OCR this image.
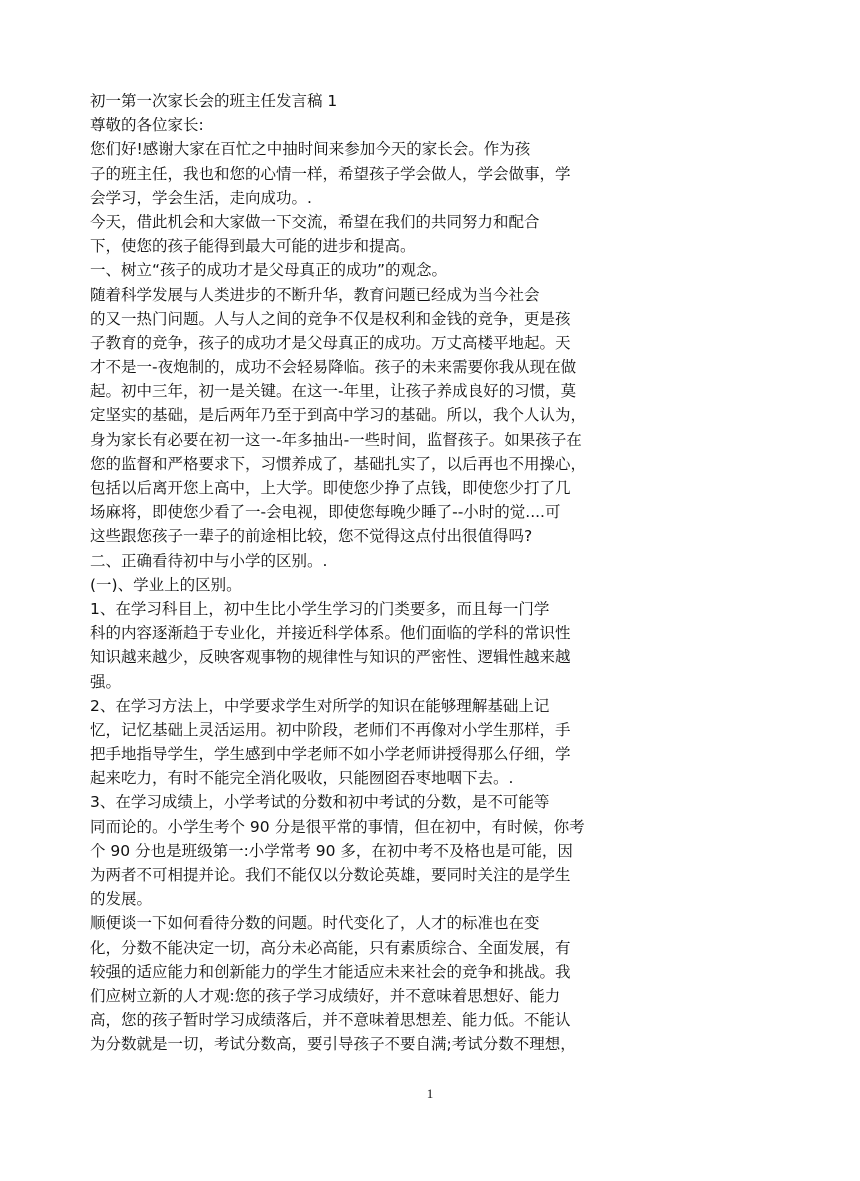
初一第一次家长会的班主任发言稿 1
尊敬的各位家长:
您们好!感谢大家在百忙之中抽时间来参加今天的家长会。作为孩
子的班主任，我也和您的心情一样，希望孩子学会做人，学会做事，学
会学习，学会生活，走向成功。.
今天，借此机会和大家做一下交流，希望在我们的共同努力和配合
下，使您的孩子能得到最大可能的进步和提高。
一、树立“孩子的成功才是父母真正的成功”的观念。
随着科学发展与人类进步的不断升华，教育问题已经成为当今社会
的又一热门问题。人与人之间的竞争不仅是权利和金钱的竞争，更是孩
子教育的竞争，孩子的成功才是父母真正的成功。万丈高楼平地起。天
才不是一-夜炮制的，成功不会轻易降临。孩子的未来需要你我从现在做
起。初中三年，初一是关键。在这一-年里，让孩子养成良好的习惯，莫
定坚实的基础，是后两年乃至于到高中学习的基础。所以，我个人认为，
身为家长有必要在初一这一-年多抽出-一些时间，监督孩子。如果孩子在
您的监督和严格要求下，习惯养成了，基础扎实了，以后再也不用操心，
包括以后离开您上高中，上大学。即使您少挣了点钱，即使您少打了几
场麻将，即使您少看了一-会电视，即使您每晚少睡了--小时的觉....可
这些跟您孩子一辈子的前途相比较，您不觉得这点付出很值得吗?
二、正确看待初中与小学的区别。.
(一)、学业上的区别。
1、在学习科目上，初中生比小学生学习的门类要多，而且每一门学
科的内容逐渐趋于专业化，并接近科学体系。他们面临的学科的常识性
知识越来越少，反映客观事物的规律性与知识的严密性、逻辑性越来越
强。
2、在学习方法上，中学要求学生对所学的知识在能够理解基础上记
忆，记忆基础上灵活运用。初中阶段，老师们不再像对小学生那样，手
把手地指导学生，学生感到中学老师不如小学老师讲授得那么仔细，学
起来吃力，有时不能完全消化吸收，只能囫囵吞枣地咽下去。.
3、在学习成绩上，小学考试的分数和初中考试的分数，是不可能等
同而论的。小学生考个 90 分是很平常的事情，但在初中，有时候，你考
个 90 分也是班级第一:小学常考 90 多，在初中考不及格也是可能，因
为两者不可相提并论。我们不能仅以分数论英雄，要同时关注的是学生
的发展。
顺便谈一下如何看待分数的问题。时代变化了，人才的标准也在变
化，分数不能决定一切，高分未必高能，只有素质综合、全面发展，有
较强的适应能力和创新能力的学生才能适应未来社会的竞争和挑战。我
们应树立新的人才观:您的孩子学习成绩好，并不意味着思想好、能力
高，您的孩子暂时学习成绩落后，并不意味着思想差、能力低。不能认
为分数就是一切，考试分数高，要引导孩子不要自满;考试分数不理想，
1
